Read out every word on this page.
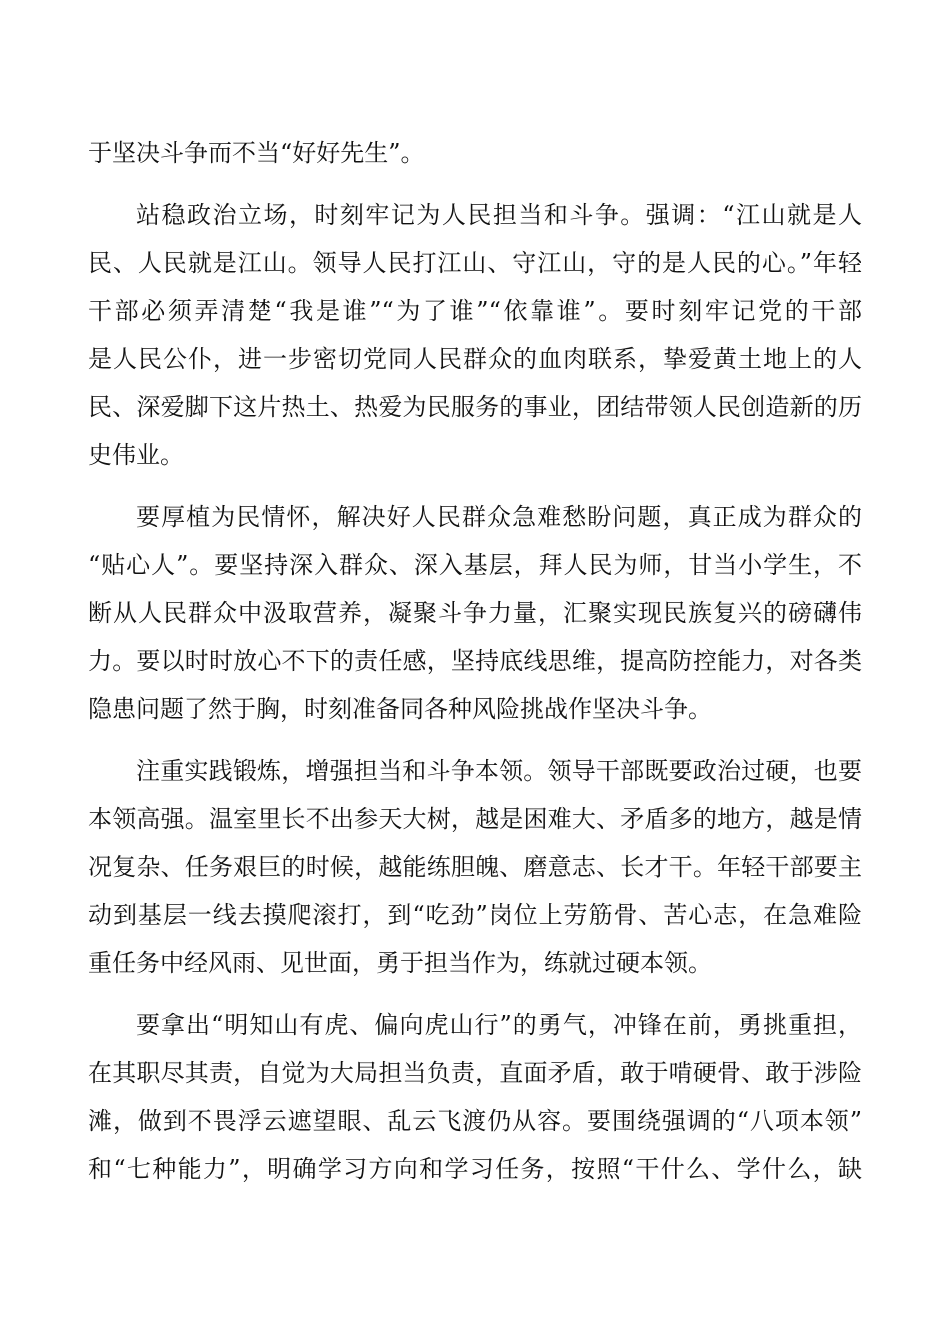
于坚决斗争而不当“好好先生”。
站稳政治立场，时刻牢记为人民担当和斗争。强调：“江山就是人
民、人民就是江山。领导人民打江山、守江山，守的是人民的心。”年轻
干部必须弄清楚“我是谁”“为了谁”“依靠谁”。要时刻牢记党的干部
是人民公仆，进一步密切党同人民群众的血肉联系，挚爱黄土地上的人
民、深爱脚下这片热土、热爱为民服务的事业，团结带领人民创造新的历
史伟业。
要厚植为民情怀，解决好人民群众急难愁盼问题，真正成为群众的
“贴心人”。要坚持深入群众、深入基层，拜人民为师，甘当小学生，不
断从人民群众中汲取营养，凝聚斗争力量，汇聚实现民族复兴的磅礴伟
力。要以时时放心不下的责任感，坚持底线思维，提高防控能力，对各类
隐患问题了然于胸，时刻准备同各种风险挑战作坚决斗争。
注重实践锻炼，增强担当和斗争本领。领导干部既要政治过硬，也要
本领高强。温室里长不出参天大树，越是困难大、矛盾多的地方，越是情
况复杂、任务艰巨的时候，越能练胆魄、磨意志、长才干。年轻干部要主
动到基层一线去摸爬滚打，到“吃劲”岗位上劳筋骨、苦心志，在急难险
重任务中经风雨、见世面，勇于担当作为，练就过硬本领。
要拿出“明知山有虎、偏向虎山行”的勇气，冲锋在前，勇挑重担，
在其职尽其责，自觉为大局担当负责，直面矛盾，敢于啃硬骨、敢于涉险
滩，做到不畏浮云遮望眼、乱云飞渡仍从容。要围绕强调的“八项本领”
和“七种能力”，明确学习方向和学习任务，按照“干什么、学什么，缺
